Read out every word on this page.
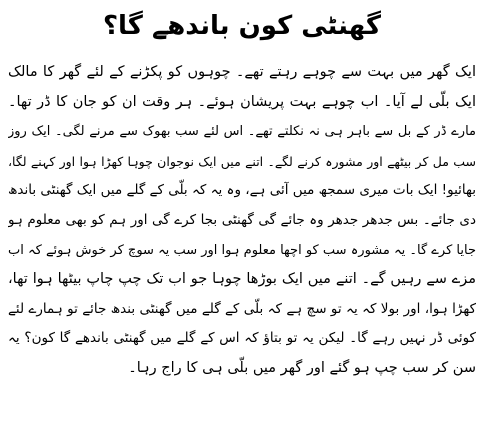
گھنٹی کون باندھے گا؟
ایک گھر میں بہت سے چوہے رہتے تھے۔ چوہوں کو پکڑنے کے لئے گھر کا مالک
ایک بلّی لے آیا۔ اب چوہے بہت پریشان ہوئے۔ ہر وقت ان کو جان کا ڈر تھا۔
مارے ڈر کے بل سے باہر ہی نہ نکلتے تھے۔ اس لئے سب بھوک سے مرنے لگی۔ ایک روز
سب مل کر بیٹھے اور مشورہ کرنے لگے۔ اتنے میں ایک نوجوان چوہا کھڑا ہوا اور کہنے لگا،
بھائیو! ایک بات میری سمجھ میں آئی ہے، وہ یہ کہ بلّی کے گلے میں ایک گھنٹی باندھ
دی جائے۔ بس جدھر جدھر وہ جائے گی گھنٹی بجا کرے گی اور ہم کو بھی معلوم ہو
جایا کرے گا۔ یہ مشورہ سب کو اچھا معلوم ہوا اور سب یہ سوچ کر خوش ہوئے کہ اب
مزے سے رہیں گے۔ اتنے میں ایک بوڑھا چوہا جو اب تک چپ چاپ بیٹھا ہوا تھا،
کھڑا ہوا، اور بولا کہ یہ تو سچ ہے کہ بلّی کے گلے میں گھنٹی بندھ جائے تو ہمارے لئے
کوئی ڈر نہیں رہے گا۔ لیکن یہ تو بتاؤ کہ اس کے گلے میں گھنٹی باندھے گا کون؟ یہ
سن کر سب چپ ہو گئے اور گھر میں بلّی ہی کا راج رہا۔
